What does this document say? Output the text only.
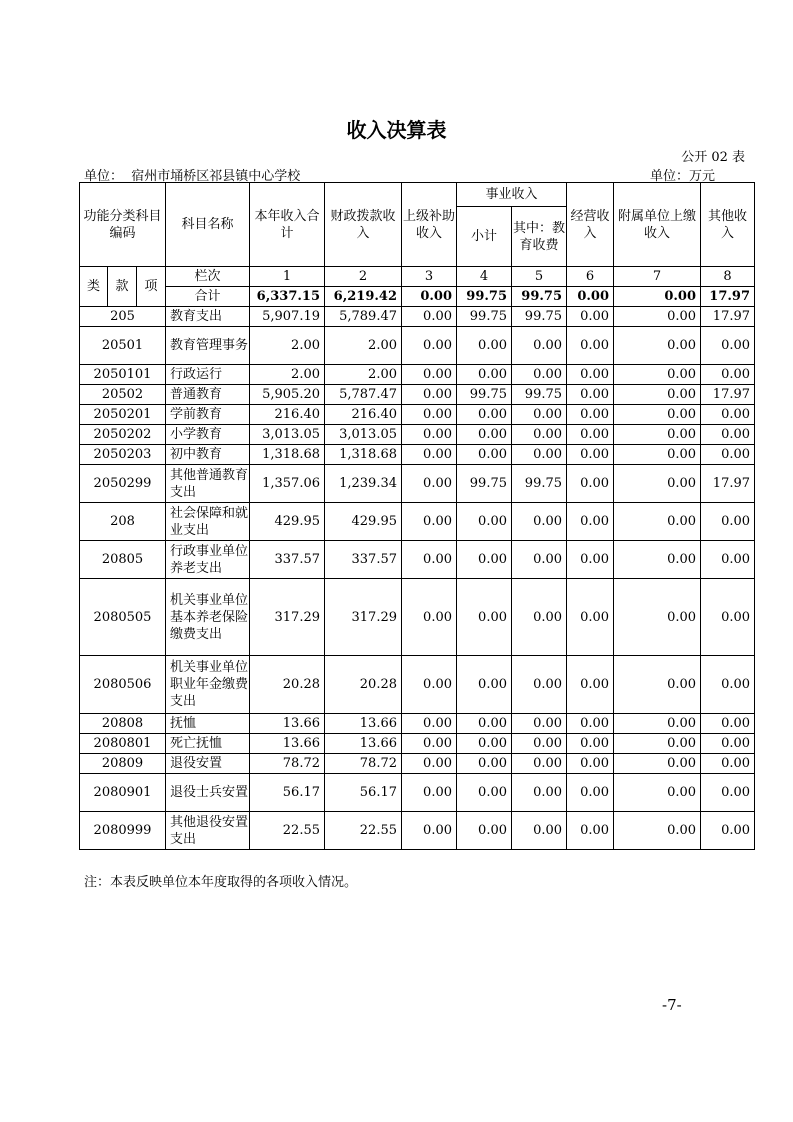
收入决算表
公开 02 表
单位： 宿州市埇桥区祁县镇中心学校	单位：万元
功能分类科目编码			科目名称	本年收入合计	财政拨款收入	上级补助收入	事业收入		经营收入	附属单位上缴收入	其他收入
							小计	其中：教育收费			
类	款	项	栏次	1	2	3	4	5	6	7	8
			合计	6,337.15	6,219.42	0.00	99.75	99.75	0.00	0.00	17.97
205			教育支出	5,907.19	5,789.47	0.00	99.75	99.75	0.00	0.00	17.97
20501			教育管理事务	2.00	2.00	0.00	0.00	0.00	0.00	0.00	0.00
2050101			行政运行	2.00	2.00	0.00	0.00	0.00	0.00	0.00	0.00
20502			普通教育	5,905.20	5,787.47	0.00	99.75	99.75	0.00	0.00	17.97
2050201			学前教育	216.40	216.40	0.00	0.00	0.00	0.00	0.00	0.00
2050202			小学教育	3,013.05	3,013.05	0.00	0.00	0.00	0.00	0.00	0.00
2050203			初中教育	1,318.68	1,318.68	0.00	0.00	0.00	0.00	0.00	0.00
2050299			其他普通教育支出	1,357.06	1,239.34	0.00	99.75	99.75	0.00	0.00	17.97
208			社会保障和就业支出	429.95	429.95	0.00	0.00	0.00	0.00	0.00	0.00
20805			行政事业单位养老支出	337.57	337.57	0.00	0.00	0.00	0.00	0.00	0.00
2080505			机关事业单位基本养老保险缴费支出	317.29	317.29	0.00	0.00	0.00	0.00	0.00	0.00
2080506			机关事业单位职业年金缴费支出	20.28	20.28	0.00	0.00	0.00	0.00	0.00	0.00
20808			抚恤	13.66	13.66	0.00	0.00	0.00	0.00	0.00	0.00
2080801			死亡抚恤	13.66	13.66	0.00	0.00	0.00	0.00	0.00	0.00
20809			退役安置	78.72	78.72	0.00	0.00	0.00	0.00	0.00	0.00
2080901			退役士兵安置	56.17	56.17	0.00	0.00	0.00	0.00	0.00	0.00
2080999			其他退役安置支出	22.55	22.55	0.00	0.00	0.00	0.00	0.00	0.00
注：本表反映单位本年度取得的各项收入情况。
-7-
